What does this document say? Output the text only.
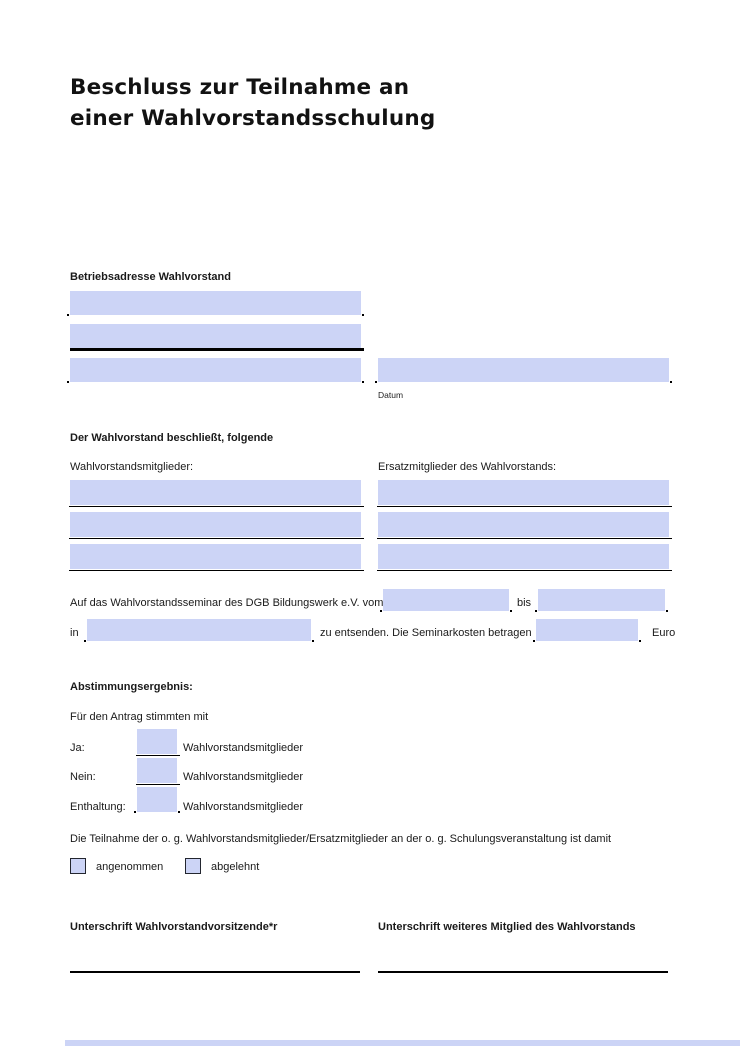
Beschluss zur Teilnahme an
einer Wahlvorstandsschulung
Betriebsadresse Wahlvorstand
Datum
Der Wahlvorstand beschließt, folgende
Wahlvorstandsmitglieder:	Ersatzmitglieder des Wahlvorstands:
Auf das Wahlvorstandsseminar des DGB Bildungswerk e.V. vom	bis
in	zu entsenden. Die Seminarkosten betragen	Euro
Abstimmungsergebnis:
Für den Antrag stimmten mit
Ja:	Wahlvorstandsmitglieder
Nein:	Wahlvorstandsmitglieder
Enthaltung:	Wahlvorstandsmitglieder
Die Teilnahme der o. g. Wahlvorstandsmitglieder/Ersatzmitglieder an der o. g. Schulungsveranstaltung ist damit
angenommen	abgelehnt
Unterschrift Wahlvorstandvorsitzende*r	Unterschrift weiteres Mitglied des Wahlvorstands
